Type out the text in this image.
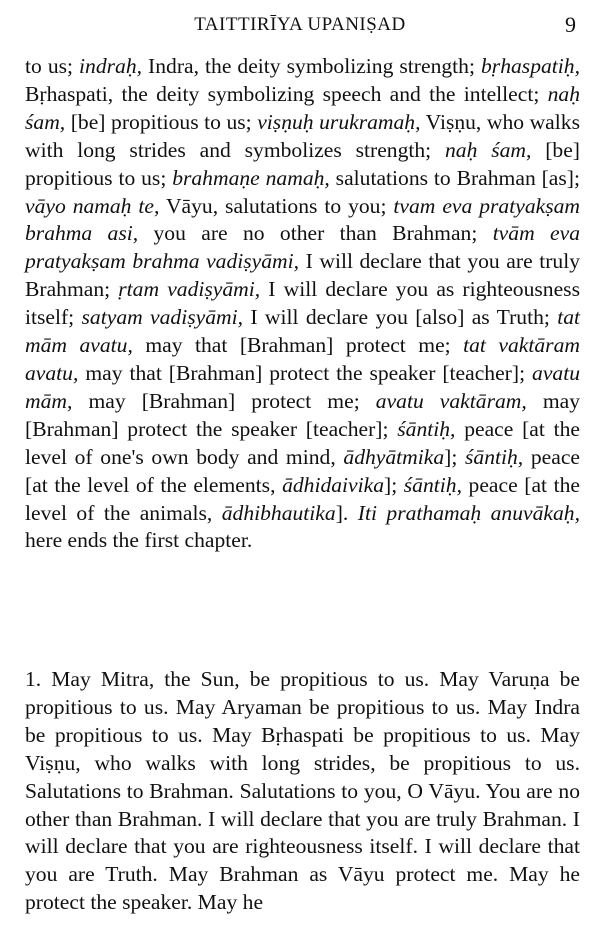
TAITTIRĪYA UPANIṢAD	9

to us; indraḥ, Indra, the deity symbolizing strength; bṛhaspatiḥ, Bṛhaspati, the deity symbolizing speech and the intellect; naḥ śam, [be] propitious to us; viṣṇuḥ urukramaḥ, Viṣṇu, who walks with long strides and symbolizes strength; naḥ śam, [be] propitious to us; brahmaṇe namaḥ, salutations to Brahman [as]; vāyo namaḥ te, Vāyu, salutations to you; tvam eva pratyakṣam brahma asi, you are no other than Brahman; tvām eva pratyakṣam brahma vadiṣyāmi, I will declare that you are truly Brahman; ṛtam vadiṣyāmi, I will declare you as righteousness itself; satyam vadiṣyāmi, I will declare you [also] as Truth; tat mām avatu, may that [Brahman] protect me; tat vaktāram avatu, may that [Brahman] protect the speaker [teacher]; avatu mām, may [Brahman] protect me; avatu vaktāram, may [Brahman] protect the speaker [teacher]; śāntiḥ, peace [at the level of one's own body and mind, ādhyātmika]; śāntiḥ, peace [at the level of the elements, ādhidaivika]; śāntiḥ, peace [at the level of the animals, ādhibhautika]. Iti prathamaḥ anuvākaḥ, here ends the first chapter.

1. May Mitra, the Sun, be propitious to us. May Varuṇa be propitious to us. May Aryaman be propitious to us. May Indra be propitious to us. May Bṛhaspati be propitious to us. May Viṣṇu, who walks with long strides, be propitious to us. Salutations to Brahman. Salutations to you, O Vāyu. You are no other than Brahman. I will declare that you are truly Brahman. I will declare that you are righteousness itself. I will declare that you are Truth. May Brahman as Vāyu protect me. May he protect the speaker. May he
